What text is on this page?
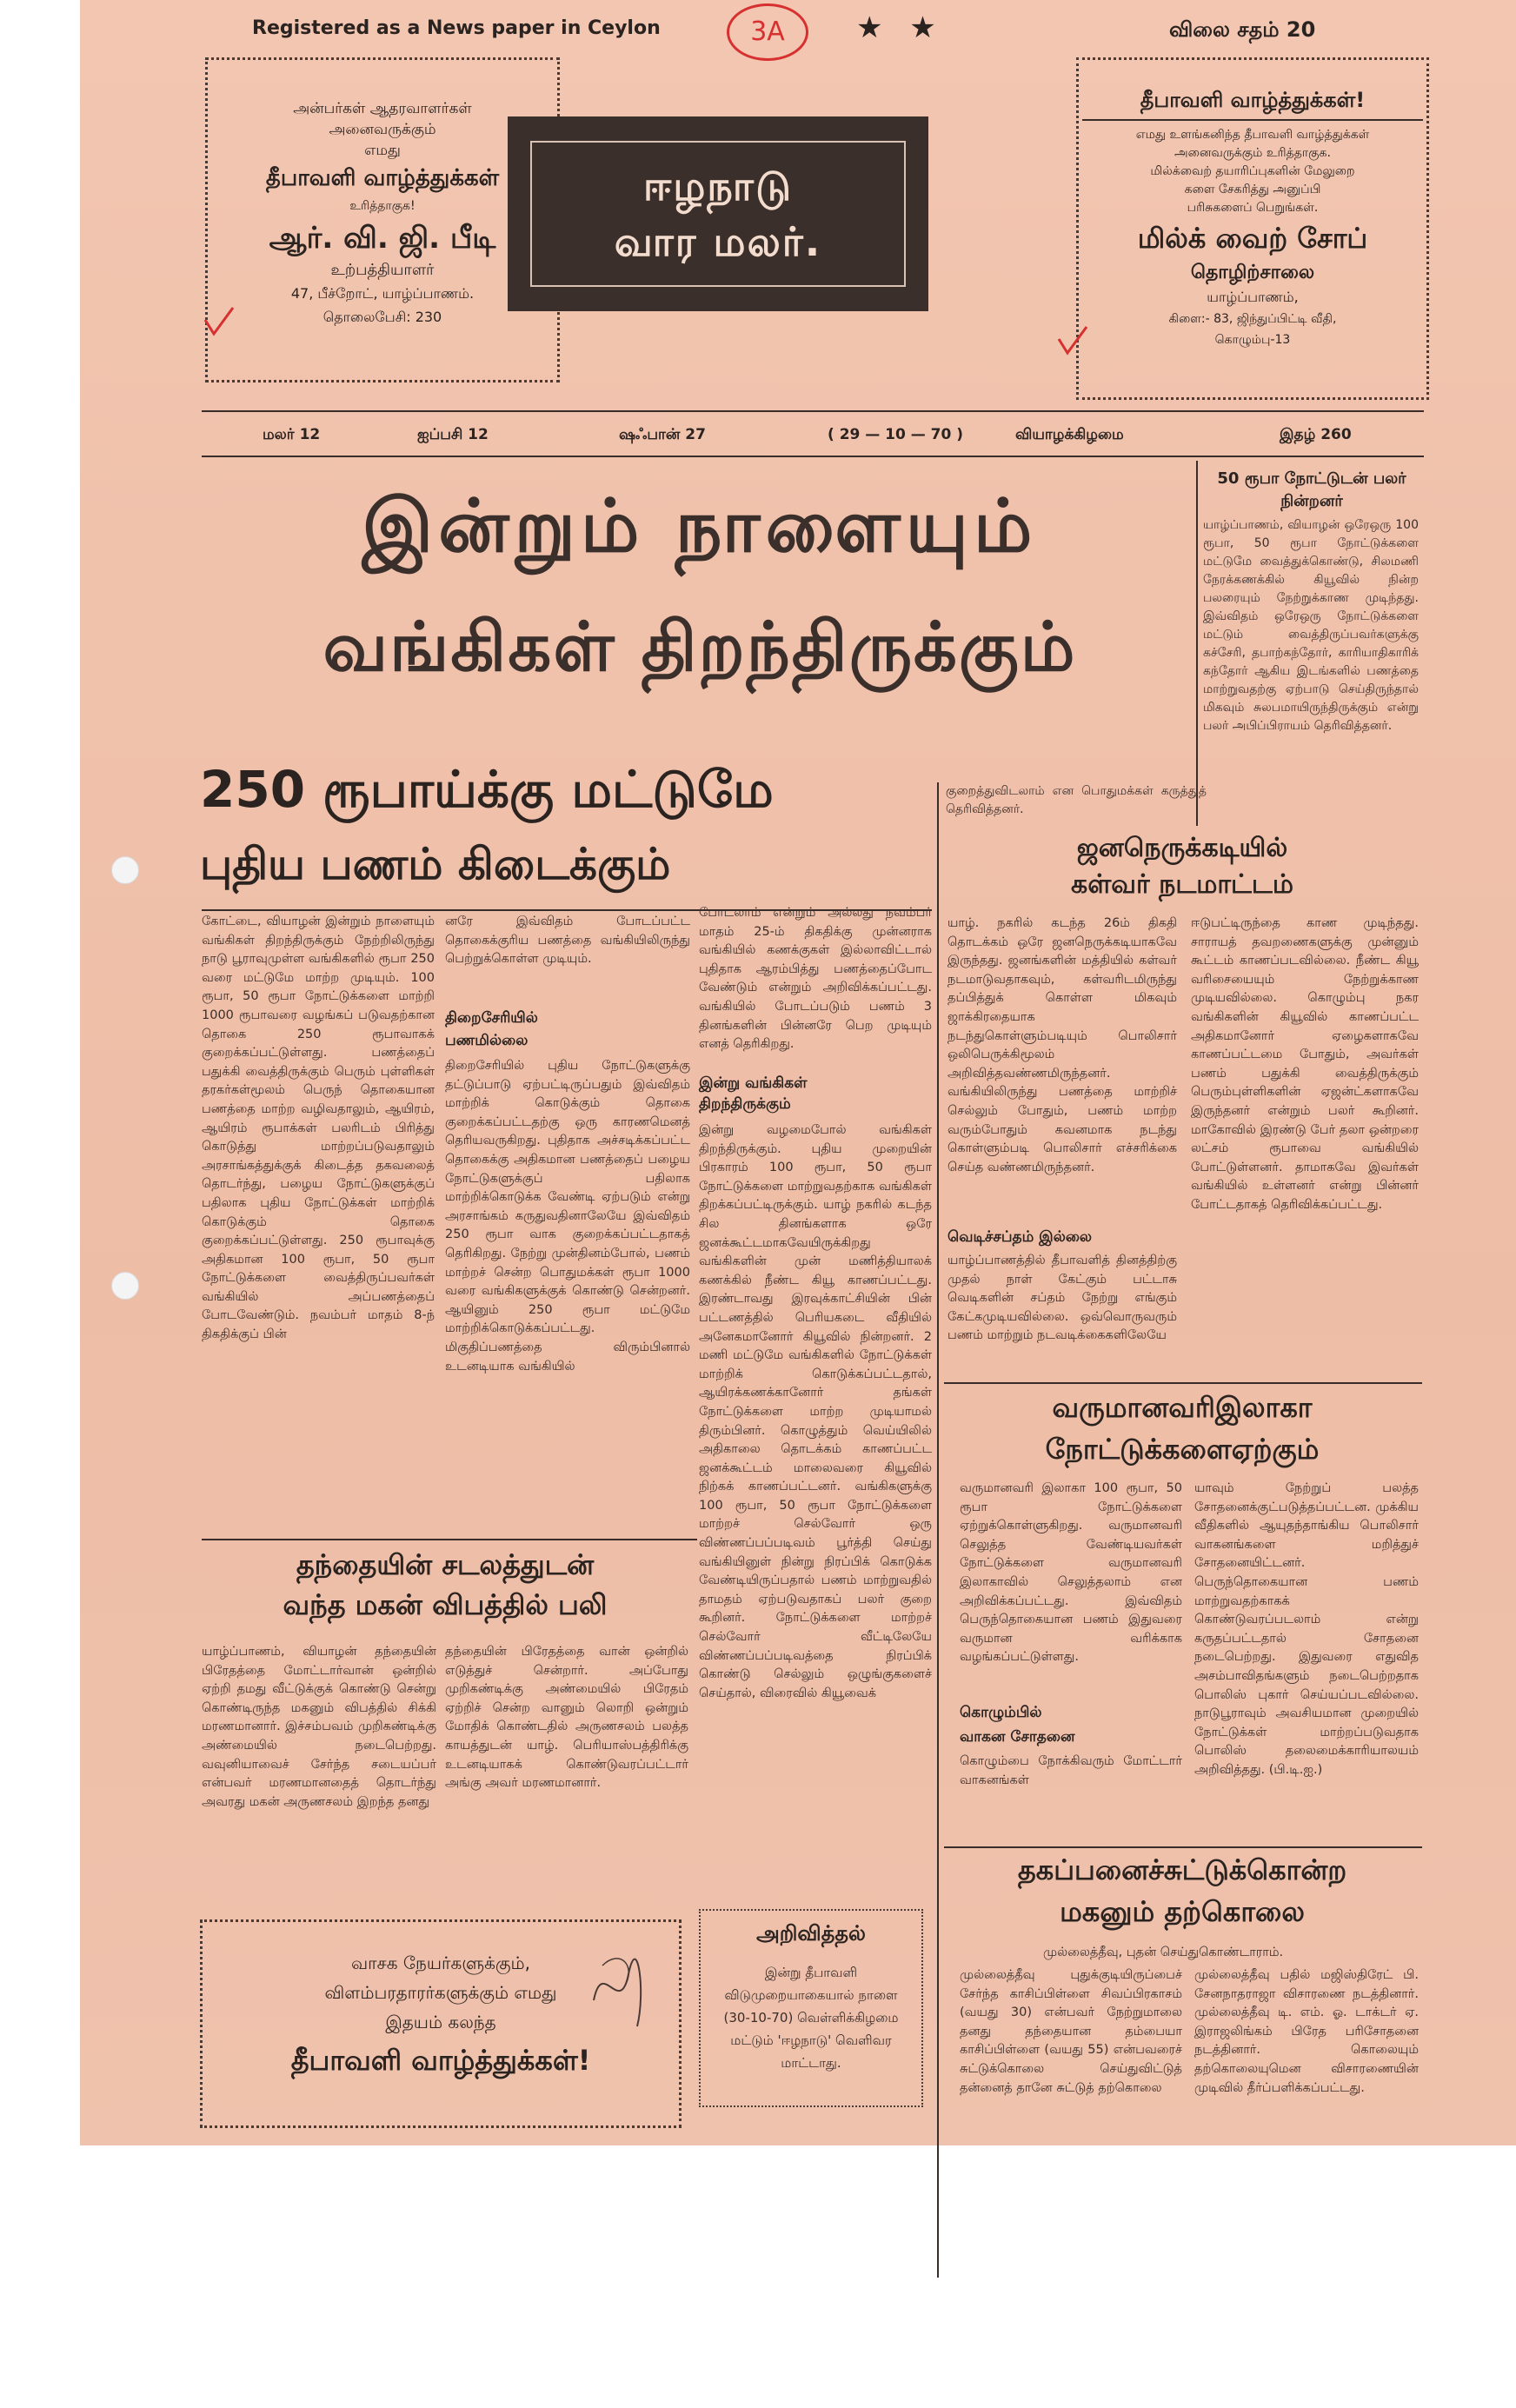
Registered as a News paper in Ceylon	3A	★ ★	விலை சதம் 20
அன்பர்கள் ஆதரவாளர்கள்
அனைவருக்கும்
எமது
தீபாவளி வாழ்த்துக்கள்
உரித்தாகுக!
ஆர். வி. ஜி. பீடி
உற்பத்தியாளர்
47, பீச்றோட், யாழ்ப்பாணம்.
தொலைபேசி: 230
ஈழநாடு
வார மலர்.
தீபாவளி வாழ்த்துக்கள்!
எமது உளங்கனிந்த தீபாவளி வாழ்த்துக்கள்
அனைவருக்கும் உரித்தாகுக.
மில்க்வைற் தயாரிப்புகளின் மேலுறை
களை சேகரித்து அனுப்பி
பரிசுகளைப் பெறுங்கள்.
மில்க் வைற் சோப்
தொழிற்சாலை
யாழ்ப்பாணம்,
கிளை:- 83, ஜிந்துப்பிட்டி வீதி,
கொழும்பு-13
மலர் 12	ஐப்பசி 12	ஷஃபான் 27	( 29 — 10 — 70 )	வியாழக்கிழமை	இதழ் 260
இன்றும் நாளையும்
வங்கிகள் திறந்திருக்கும்
50 ரூபா நோட்டுடன் பலர் நின்றனர்
யாழ்ப்பாணம், வியாழன் ஒரேஒரு 100 ரூபா, 50 ரூபா நோட்டுக்களை மட்டுமே வைத்துக்கொண்டு, சிலமணி நேரக்கணக்கில் கியூவில் நின்ற பலரையும் நேற்றுக்காண முடிந்தது. இவ்விதம் ஒரேஒரு நோட்டுக்களை மட்டும் வைத்திருப்பவர்களுக்கு கச்சேரி, தபாற்கந்தோர், காரியாதிகாரிக் கந்தோர் ஆகிய இடங்களில் பணத்தை மாற்றுவதற்கு ஏற்பாடு செய்திருந்தால் மிகவும் சுலபமாயிருந்திருக்கும் என்று பலர் அபிப்பிராயம் தெரிவித்தனர்.
250 ரூபாய்க்கு மட்டுமே
புதிய பணம் கிடைக்கும்
குறைத்துவிடலாம் என பொதுமக்கள் கருத்துத் தெரிவித்தனர்.
கோட்டை, வியாழன் இன்றும் நாளையும் வங்கிகள் திறந்திருக்கும் நேற்றிலிருந்து நாடு பூராவுமுள்ள வங்கிகளில் ரூபா 250 வரை மட்டுமே மாற்ற முடியும். 100 ரூபா, 50 ரூபா நோட்டுக்களை மாற்றி 1000 ரூபாவரை வழங்கப் படுவதற்கான தொகை 250 ரூபாவாகக் குறைக்கப்பட்டுள்ளது. பணத்தைப் பதுக்கி வைத்திருக்கும் பெரும் புள்ளிகள் தரகர்கள்மூலம் பெருந் தொகையான பணத்தை மாற்ற வழிவதாலும், ஆயிரம், ஆயிரம் ரூபாக்கள் பலரிடம் பிரித்து கொடுத்து மாற்றப்படுவதாலும் அரசாங்கத்துக்குக் கிடைத்த தகவலைத் தொடர்ந்து, பழைய நோட்டுகளுக்குப் பதிலாக புதிய நோட்டுக்கள் மாற்றிக் கொடுக்கும் தொகை குறைக்கப்பட்டுள்ளது. 250 ரூபாவுக்கு அதிகமான 100 ரூபா, 50 ரூபா நோட்டுக்களை வைத்திருப்பவர்கள் வங்கியில் அப்பணத்தைப் போடவேண்டும். நவம்பர் மாதம் 8-ந் திகதிக்குப் பின்
னரே இவ்விதம் போடப்பட்ட தொகைக்குரிய பணத்தை வங்கியிலிருந்து பெற்றுக்கொள்ள முடியும்.
திறைசேரியில் பணமில்லை
திறைசேரியில் புதிய நோட்டுகளுக்கு தட்டுப்பாடு ஏற்பட்டிருப்பதும் இவ்விதம் மாற்றிக் கொடுக்கும் தொகை குறைக்கப்பட்டதற்கு ஒரு காரணமெனத் தெரியவருகிறது. புதிதாக அச்சடிக்கப்பட்ட தொகைக்கு அதிகமான பணத்தைப் பழைய நோட்டுகளுக்குப் பதிலாக மாற்றிக்கொடுக்க வேண்டி ஏற்படும் என்று அரசாங்கம் கருதுவதினாலேயே இவ்விதம் 250 ரூபா வாக குறைக்கப்பட்டதாகத் தெரிகிறது. நேற்று முன்தினம்போல், பணம் மாற்றச் சென்ற பொதுமக்கள் ரூபா 1000 வரை வங்கிகளுக்குக் கொண்டு சென்றனர். ஆயினும் 250 ரூபா மட்டுமே மாற்றிக்கொடுக்கப்பட்டது. மிகுதிப்பணத்தை விரும்பினால் உடனடியாக வங்கியில்
போடலாம் என்றும் அல்லது நவம்பர் மாதம் 25-ம் திகதிக்கு முன்னராக வங்கியில் கணக்குகள் இல்லாவிட்டால் புதிதாக ஆரம்பித்து பணத்தைப்போட வேண்டும் என்றும் அறிவிக்கப்பட்டது. வங்கியில் போடப்படும் பணம் 3 தினங்களின் பின்னரே பெற முடியும் எனத் தெரிகிறது.
இன்று வங்கிகள் திறந்திருக்கும்
இன்று வழமைபோல் வங்கிகள் திறந்திருக்கும். புதிய முறையின் பிரகாரம் 100 ரூபா, 50 ரூபா நோட்டுக்களை மாற்றுவதற்காக வங்கிகள் திறக்கப்பட்டிருக்கும். யாழ் நகரில் கடந்த சில தினங்களாக ஒரே ஜனக்கூட்டமாகவேயிருக்கிறது வங்கிகளின் முன் மணித்தியாலக் கணக்கில் நீண்ட கியூ காணப்பட்டது. இரண்டாவது இரவுக்காட்சியின் பின் பட்டணத்தில் பெரியகடை வீதியில் அனேகமானோர் கியூவில் நின்றனர். 2 மணி மட்டுமே வங்கிகளில் நோட்டுக்கள் மாற்றிக் கொடுக்கப்பட்டதால், ஆயிரக்கணக்கானோர் தங்கள் நோட்டுக்களை மாற்ற முடியாமல் திரும்பினர். கொழுத்தும் வெய்யிலில் அதிகாலை தொடக்கம் காணப்பட்ட ஜனக்கூட்டம் மாலைவரை கியூவில் நிற்கக் காணப்பட்டனர். வங்கிகளுக்கு 100 ரூபா, 50 ரூபா நோட்டுக்களை மாற்றச் செல்வோர் ஒரு விண்ணப்பப்படிவம் பூர்த்தி செய்து வங்கியினுள் நின்று நிரப்பிக் கொடுக்க வேண்டியிருப்பதால் பணம் மாற்றுவதில் தாமதம் ஏற்படுவதாகப் பலர் குறை கூறினர். நோட்டுக்களை மாற்றச் செல்வோர் வீட்டிலேயே விண்ணப்பப்படிவத்தை நிரப்பிக் கொண்டு செல்லும் ஒழுங்குகளைச் செய்தால், விரைவில் கியூவைக்
ஜனநெருக்கடியில்
கள்வர் நடமாட்டம்
யாழ். நகரில் கடந்த 26ம் திகதி தொடக்கம் ஒரே ஜனநெருக்கடியாகவே இருந்தது. ஜனங்களின் மத்தியில் கள்வர் நடமாடுவதாகவும், கள்வரிடமிருந்து தப்பித்துக் கொள்ள மிகவும் ஜாக்கிரதையாக நடந்துகொள்ளும்படியும் பொலிசார் ஒலிபெருக்கிமூலம் அறிவித்தவண்ணமிருந்தனர். வங்கியிலிருந்து பணத்தை மாற்றிச் செல்லும் போதும், பணம் மாற்ற வரும்போதும் கவனமாக நடந்து கொள்ளும்படி பொலிசார் எச்சரிக்கை செய்த வண்ணமிருந்தனர்.
வெடிச்சப்தம் இல்லை
யாழ்ப்பாணத்தில் தீபாவளித் தினத்திற்கு முதல் நாள் கேட்கும் பட்டாசு வெடிகளின் சப்தம் நேற்று எங்கும் கேட்கமுடியவில்லை. ஒவ்வொருவரும் பணம் மாற்றும் நடவடிக்கைகளிலேயே
ஈடுபட்டிருந்தை காண முடிந்தது. சாராயத் தவறணைகளுக்கு முன்னும் கூட்டம் காணப்படவில்லை. நீண்ட கியூ வரிசையையும் நேற்றுக்காண முடியவில்லை. கொழும்பு நகர வங்கிகளின் கியூவில் காணப்பட்ட அதிகமானோர் ஏழைகளாகவே காணப்பட்டமை போதும், அவர்கள் பணம் பதுக்கி வைத்திருக்கும் பெரும்புள்ளிகளின் ஏஜன்ட்களாகவே இருந்தனர் என்றும் பலர் கூறினர். மாகோவில் இரண்டு பேர் தலா ஒன்றரை லட்சம் ரூபாவை வங்கியில் போட்டுள்ளனர். தாமாகவே இவர்கள் வங்கியில் உள்ளனர் என்று பின்னர் போட்டதாகத் தெரிவிக்கப்பட்டது.
வருமானவரிஇலாகா
நோட்டுக்களைஏற்கும்
வருமானவரி இலாகா 100 ரூபா, 50 ரூபா நோட்டுக்களை ஏற்றுக்கொள்ளுகிறது. வருமானவரி செலுத்த வேண்டியவர்கள் நோட்டுக்களை வருமானவரி இலாகாவில் செலுத்தலாம் என அறிவிக்கப்பட்டது. இவ்விதம் பெருந்தொகையான பணம் இதுவரை வருமான வரிக்காக வழங்கப்பட்டுள்ளது.
கொழும்பில் வாகன சோதனை
கொழும்பை நோக்கிவரும் மோட்டார் வாகனங்கள்
யாவும் நேற்றுப் பலத்த சோதனைக்குட்படுத்தப்பட்டன. முக்கிய வீதிகளில் ஆயுதந்தாங்கிய பொலிசார் வாகனங்களை மறித்துச் சோதனையிட்டனர். பெருந்தொகையான பணம் மாற்றுவதற்காகக் கொண்டுவரப்படலாம் என்று கருதப்பட்டதால் சோதனை நடைபெற்றது. இதுவரை எதுவித அசம்பாவிதங்களும் நடைபெற்றதாக பொலிஸ் புகார் செய்யப்படவில்லை. நாடுபூராவும் அவசியமான முறையில் நோட்டுக்கள் மாற்றப்படுவதாக பொலிஸ் தலைமைக்காரியாலயம் அறிவித்தது. (பி.டி.ஐ.)
தந்தையின் சடலத்துடன்
வந்த மகன் விபத்தில் பலி
யாழ்ப்பாணம், வியாழன் தந்தையின் பிரேதத்தை மோட்டார்வான் ஒன்றில் ஏற்றி தமது வீட்டுக்குக் கொண்டு சென்று கொண்டிருந்த மகனும் விபத்தில் சிக்கி மரணமானார். இச்சம்பவம் முறிகண்டிக்கு அண்மையில் நடைபெற்றது. வவுனியாவைச் சேர்ந்த சடையப்பர் என்பவர் மரணமானதைத் தொடர்ந்து அவரது மகன் அருணசலம் இறந்த தனது
தந்தையின் பிரேதத்தை வான் ஒன்றில் எடுத்துச் சென்றார். அப்போது முறிகண்டிக்கு அண்மையில் பிரேதம் ஏற்றிச் சென்ற வானும் லொறி ஒன்றும் மோதிக் கொண்டதில் அருணசலம் பலத்த காயத்துடன் யாழ். பெரியாஸ்பத்திரிக்கு உடனடியாகக் கொண்டுவரப்பட்டார் அங்கு அவர் மரணமானார்.
வாசக நேயர்களுக்கும்,
விளம்பரதாரர்களுக்கும் எமது
இதயம் கலந்த
தீபாவளி வாழ்த்துக்கள்!
அறிவித்தல்
இன்று தீபாவளி விடுமுறையாகையால் நாளை (30-10-70) வெள்ளிக்கிழமை மட்டும் 'ஈழநாடு' வெளிவர மாட்டாது.
தகப்பனைச்சுட்டுக்கொன்ற
மகனும் தற்கொலை
முல்லைத்தீவு, புதன் செய்துகொண்டாராம்.
முல்லைத்தீவு புதுக்குடியிருப்பைச் சேர்ந்த காசிப்பிள்ளை சிவப்பிரகாசம் (வயது 30) என்பவர் நேற்றுமாலை தனது தந்தையான தம்பையா காசிப்பிள்ளை (வயது 55) என்பவரைச் சுட்டுக்கொலை செய்துவிட்டுத் தன்னைத் தானே சுட்டுத் தற்கொலை
முல்லைத்தீவு பதில் மஜிஸ்திரேட் பி. சேனநாதராஜா விசாரணை நடத்தினார். முல்லைத்தீவு டி. எம். ஓ. டாக்டர் ஏ. இராஜலிங்கம் பிரேத பரிசோதனை நடத்தினார். கொலையும் தற்கொலையுமென விசாரணையின் முடிவில் தீர்ப்பளிக்கப்பட்டது.
